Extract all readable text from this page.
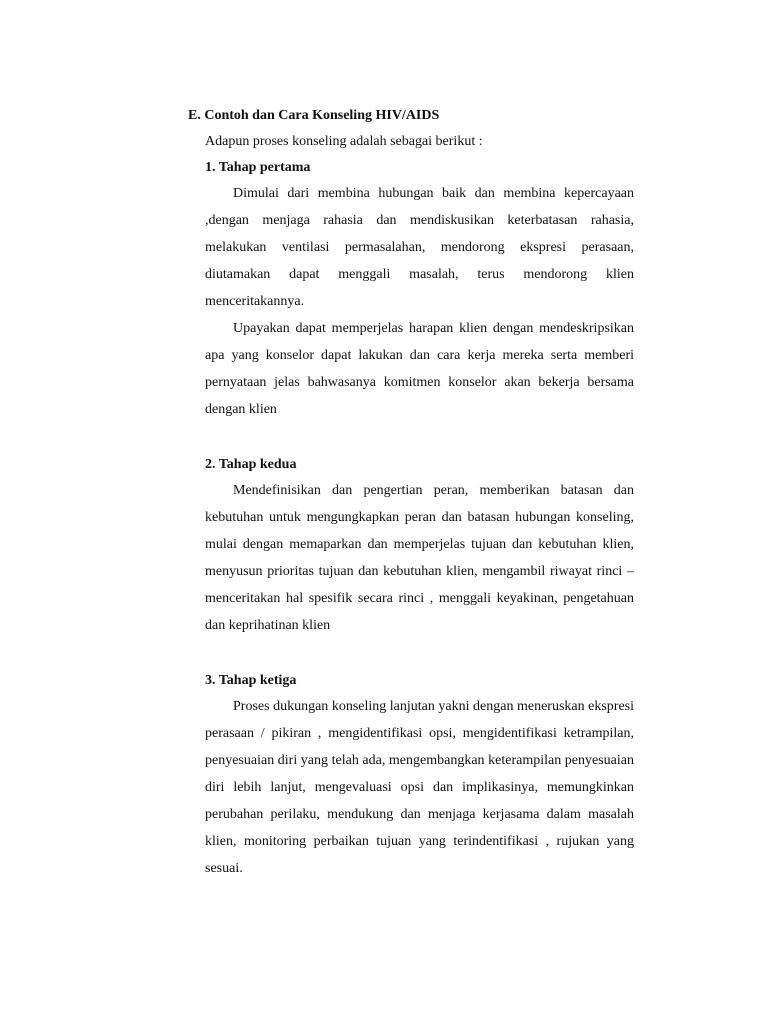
E. Contoh dan Cara Konseling HIV/AIDS

Adapun proses konseling adalah sebagai berikut :

1. Tahap pertama

Dimulai dari membina hubungan baik dan membina kepercayaan ,dengan menjaga rahasia dan mendiskusikan keterbatasan rahasia, melakukan ventilasi permasalahan, mendorong ekspresi perasaan, diutamakan dapat menggali masalah, terus mendorong klien menceritakannya.

Upayakan dapat memperjelas harapan klien dengan mendeskripsikan apa yang konselor dapat lakukan dan cara kerja mereka serta memberi pernyataan jelas bahwasanya komitmen konselor akan bekerja bersama dengan klien

2. Tahap kedua

Mendefinisikan dan pengertian peran, memberikan batasan dan kebutuhan untuk mengungkapkan peran dan batasan hubungan konseling, mulai dengan memaparkan dan memperjelas tujuan dan kebutuhan klien, menyusun prioritas tujuan dan kebutuhan klien, mengambil riwayat rinci – menceritakan hal spesifik secara rinci , menggali keyakinan, pengetahuan dan keprihatinan klien

3. Tahap ketiga

Proses dukungan konseling lanjutan yakni dengan meneruskan ekspresi perasaan / pikiran , mengidentifikasi opsi, mengidentifikasi ketrampilan, penyesuaian diri yang telah ada, mengembangkan keterampilan penyesuaian diri lebih lanjut, mengevaluasi opsi dan implikasinya, memungkinkan perubahan perilaku, mendukung dan menjaga kerjasama dalam masalah klien, monitoring perbaikan tujuan yang terindentifikasi , rujukan yang sesuai.
